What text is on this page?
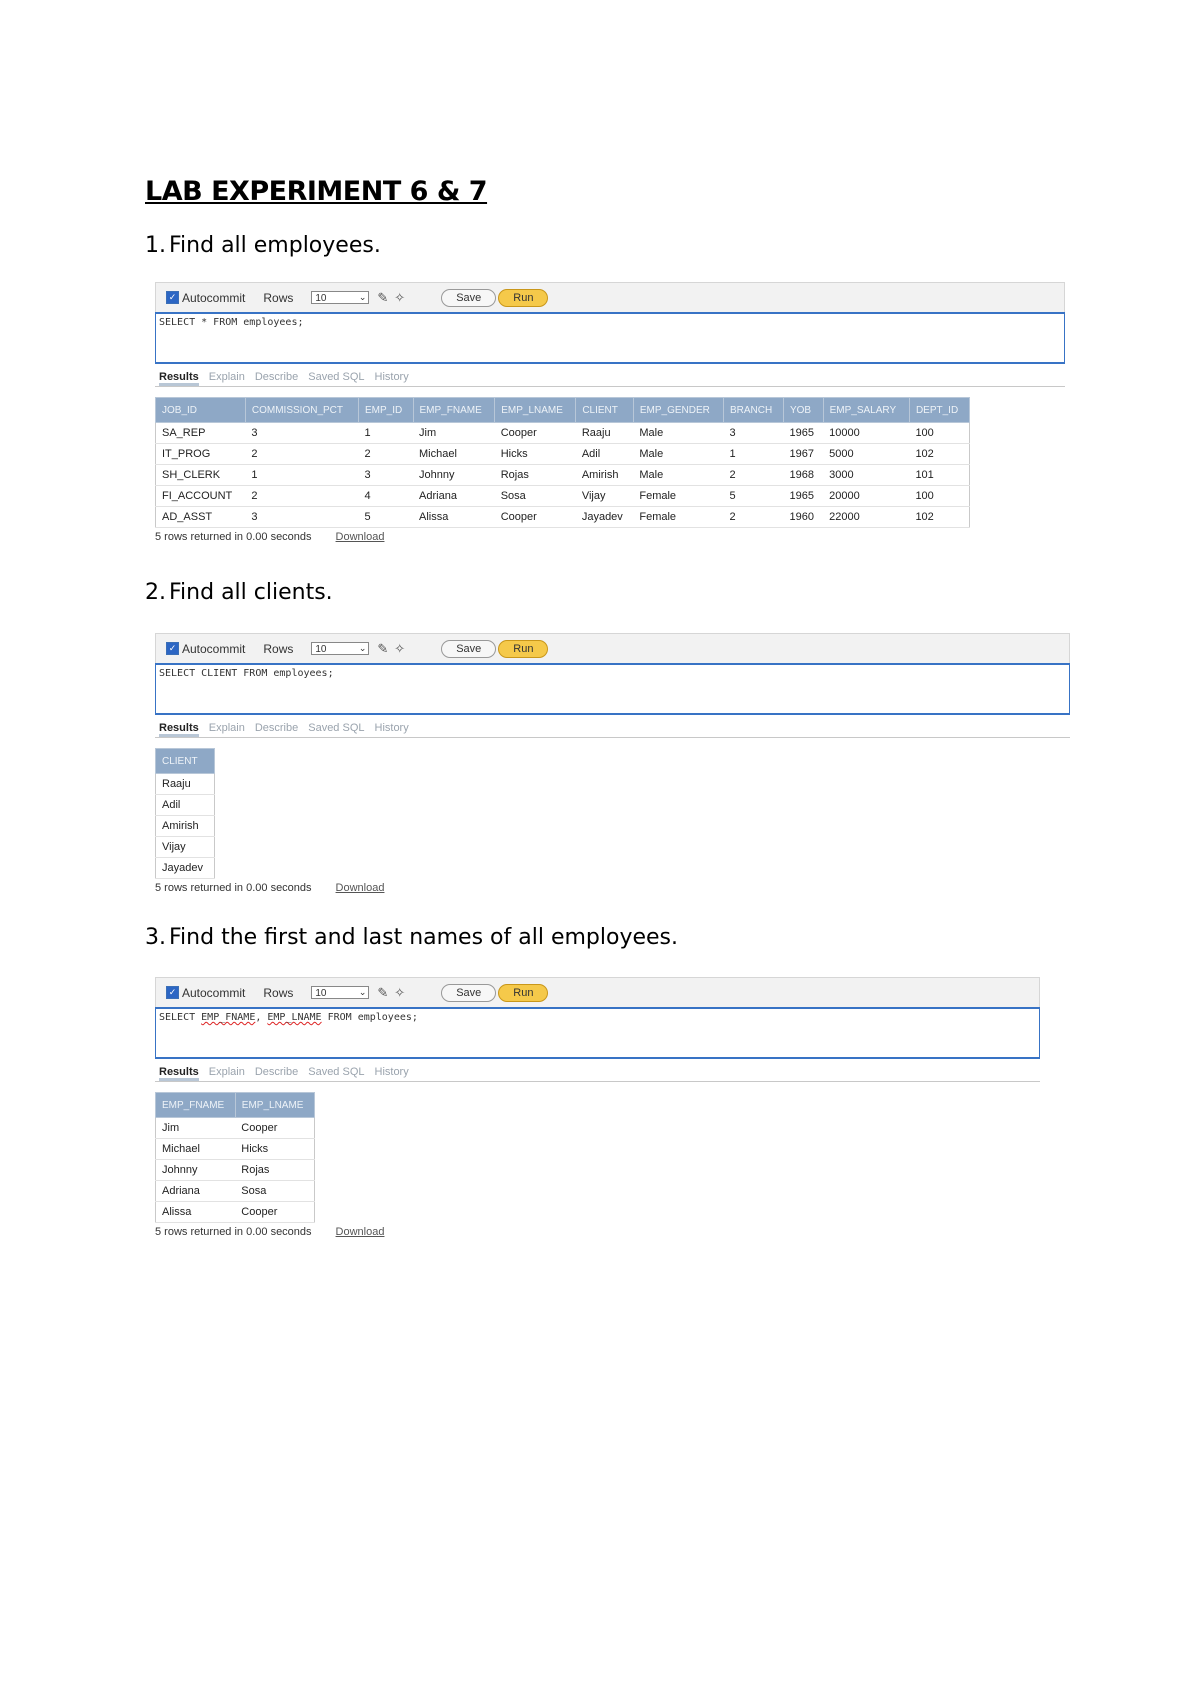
LAB EXPERIMENT 6 & 7
1. Find all employees.
✓ Autocommit Rows	10	⌄ ✎ ✧	Save	Run
SELECT * FROM employees;
Results Explain Describe Saved SQL History
JOB_ID	COMMISSION_PCT	EMP_ID	EMP_FNAME	EMP_LNAME	CLIENT	EMP_GENDER	BRANCH	YOB	EMP_SALARY	DEPT_ID
SA_REP	3	1	Jim	Cooper	Raaju	Male	3	1965	10000	100
IT_PROG	2	2	Michael	Hicks	Adil	Male	1	1967	5000	102
SH_CLERK	1	3	Johnny	Rojas	Amirish	Male	2	1968	3000	101
FI_ACCOUNT	2	4	Adriana	Sosa	Vijay	Female	5	1965	20000	100
AD_ASST	3	5	Alissa	Cooper	Jayadev	Female	2	1960	22000	102
5 rows returned in 0.00 seconds Download
2. Find all clients.
✓ Autocommit Rows	10	⌄ ✎ ✧	Save	Run
SELECT CLIENT FROM employees;
Results Explain Describe Saved SQL History
CLIENT
Raaju
Adil
Amirish
Vijay
Jayadev
5 rows returned in 0.00 seconds Download
3. Find the first and last names of all employees.
✓ Autocommit Rows	10	⌄ ✎ ✧	Save	Run
SELECT EMP_FNAME, EMP_LNAME FROM employees;
Results Explain Describe Saved SQL History
EMP_FNAME	EMP_LNAME
Jim	Cooper
Michael	Hicks
Johnny	Rojas
Adriana	Sosa
Alissa	Cooper
5 rows returned in 0.00 seconds Download
